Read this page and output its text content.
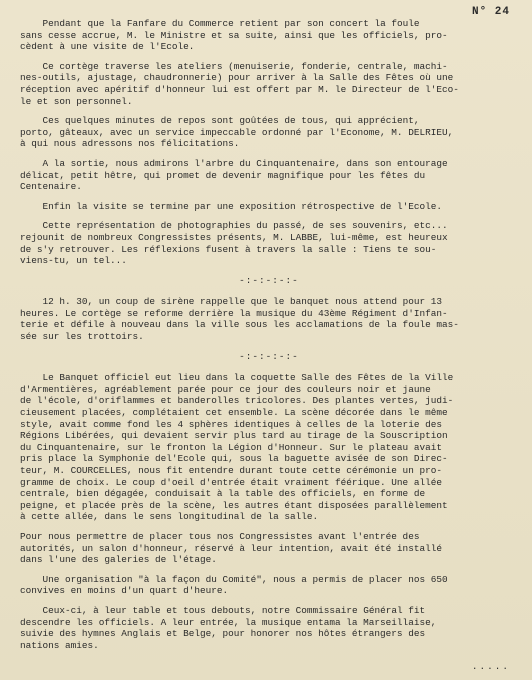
N° 24

Pendant que la Fanfare du Commerce retient par son concert la foule
sans cesse accrue, M. le Ministre et sa suite, ainsi que les officiels, pro-
cèdent à une visite de l'Ecole.

Ce cortège traverse les ateliers (menuiserie, fonderie, centrale, machi-
nes-outils, ajustage, chaudronnerie) pour arriver à la Salle des Fêtes où une
réception avec apéritif d'honneur lui est offert par M. le Directeur de l'Eco-
le et son personnel.

Ces quelques minutes de repos sont goûtées de tous, qui apprécient,
porto, gâteaux, avec un service impeccable ordonné par l'Econome, M. DELRIEU,
à qui nous adressons nos félicitations.

A la sortie, nous admirons l'arbre du Cinquantenaire, dans son entourage
délicat, petit hêtre, qui promet de devenir magnifique pour les fêtes du
Centenaire.

Enfin la visite se termine par une exposition rétrospective de l'Ecole.

Cette représentation de photographies du passé, de ses souvenirs, etc...
rejounit de nombreux Congressistes présents, M. LABBE, lui-même, est heureux
de s'y retrouver. Les réflexions fusent à travers la salle : Tiens te sou-
viens-tu, un tel...

-:-:-:-:-

12 h. 30, un coup de sirène rappelle que le banquet nous attend pour 13
heures. Le cortège se reforme derrière la musique du 43ème Régiment d'Infan-
terie et défile à nouveau dans la ville sous les acclamations de la foule mas-
sée sur les trottoirs.

-:-:-:-:-

Le Banquet officiel eut lieu dans la coquette Salle des Fêtes de la Ville
d'Armentières, agréablement parée pour ce jour des couleurs noir et jaune
de l'école, d'oriflammes et banderolles tricolores. Des plantes vertes, judi-
cieusement placées, complétaient cet ensemble. La scène décorée dans le même
style, avait comme fond les 4 sphères identiques à celles de la loterie des
Régions Libérées, qui devaient servir plus tard au tirage de la Souscription
du Cinquantenaire, sur le fronton la Légion d'Honneur. Sur le plateau avait
pris place la Symphonie del'Ecole qui, sous la baguette avisée de son Direc-
teur, M. COURCELLES, nous fit entendre durant toute cette cérémonie un pro-
gramme de choix. Le coup d'oeil d'entrée était vraiment féérique. Une allée
centrale, bien dégagée, conduisait à la table des officiels, en forme de
peigne, et placée près de la scène, les autres étant disposées parallèlement
à cette allée, dans le sens longitudinal de la salle.

Pour nous permettre de placer tous nos Congressistes avant l'entrée des
autorités, un salon d'honneur, réservé à leur intention, avait été installé
dans l'une des galeries de l'étage.

Une organisation "à la façon du Comité", nous a permis de placer nos 650
convives en moins d'un quart d'heure.

Ceux-ci, à leur table et tous debouts, notre Commissaire Général fit
descendre les officiels. A leur entrée, la musique entama la Marseillaise,
suivie des hymnes Anglais et Belge, pour honorer nos hôtes étrangers des
nations amies.

.....
